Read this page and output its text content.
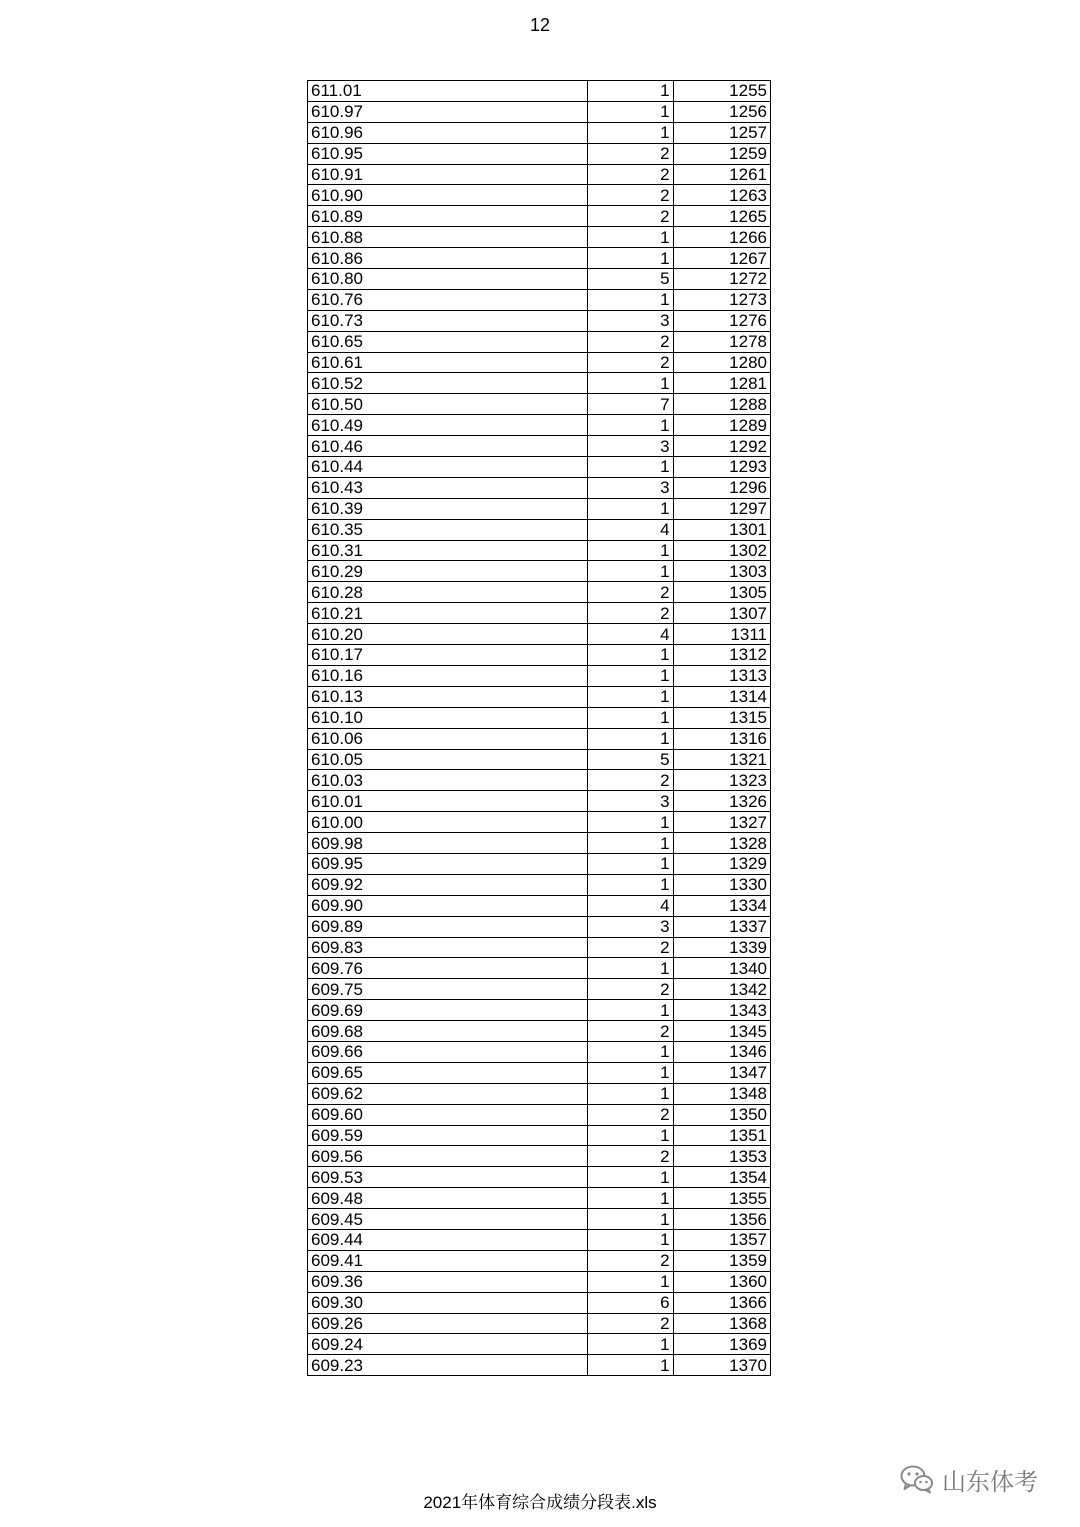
12
611.01	1	1255
610.97	1	1256
610.96	1	1257
610.95	2	1259
610.91	2	1261
610.90	2	1263
610.89	2	1265
610.88	1	1266
610.86	1	1267
610.80	5	1272
610.76	1	1273
610.73	3	1276
610.65	2	1278
610.61	2	1280
610.52	1	1281
610.50	7	1288
610.49	1	1289
610.46	3	1292
610.44	1	1293
610.43	3	1296
610.39	1	1297
610.35	4	1301
610.31	1	1302
610.29	1	1303
610.28	2	1305
610.21	2	1307
610.20	4	1311
610.17	1	1312
610.16	1	1313
610.13	1	1314
610.10	1	1315
610.06	1	1316
610.05	5	1321
610.03	2	1323
610.01	3	1326
610.00	1	1327
609.98	1	1328
609.95	1	1329
609.92	1	1330
609.90	4	1334
609.89	3	1337
609.83	2	1339
609.76	1	1340
609.75	2	1342
609.69	1	1343
609.68	2	1345
609.66	1	1346
609.65	1	1347
609.62	1	1348
609.60	2	1350
609.59	1	1351
609.56	2	1353
609.53	1	1354
609.48	1	1355
609.45	1	1356
609.44	1	1357
609.41	2	1359
609.36	1	1360
609.30	6	1366
609.26	2	1368
609.24	1	1369
609.23	1	1370
山东体考
2021年体育综合成绩分段表.xls
